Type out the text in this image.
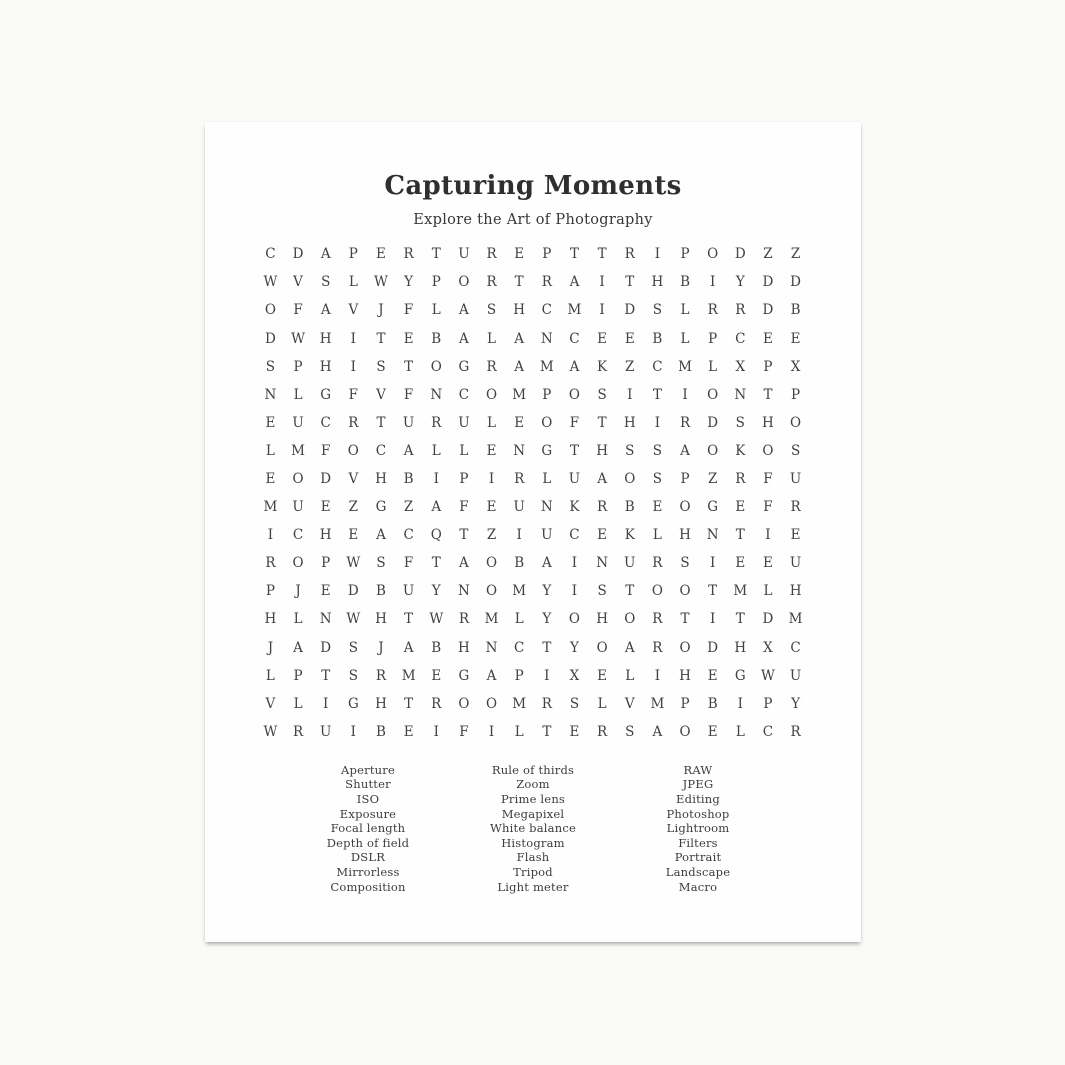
Capturing Moments
Explore the Art of Photography
C	D	A	P	E	R	T	U	R	E	P	T	T	R	I	P	O	D	Z	Z
W	V	S	L	W	Y	P	O	R	T	R	A	I	T	H	B	I	Y	D	D
O	F	A	V	J	F	L	A	S	H	C	M	I	D	S	L	R	R	D	B
D	W	H	I	T	E	B	A	L	A	N	C	E	E	B	L	P	C	E	E
S	P	H	I	S	T	O	G	R	A	M	A	K	Z	C	M	L	X	P	X
N	L	G	F	V	F	N	C	O	M	P	O	S	I	T	I	O	N	T	P
E	U	C	R	T	U	R	U	L	E	O	F	T	H	I	R	D	S	H	O
L	M	F	O	C	A	L	L	E	N	G	T	H	S	S	A	O	K	O	S
E	O	D	V	H	B	I	P	I	R	L	U	A	O	S	P	Z	R	F	U
M	U	E	Z	G	Z	A	F	E	U	N	K	R	B	E	O	G	E	F	R
I	C	H	E	A	C	Q	T	Z	I	U	C	E	K	L	H	N	T	I	E
R	O	P	W	S	F	T	A	O	B	A	I	N	U	R	S	I	E	E	U
P	J	E	D	B	U	Y	N	O	M	Y	I	S	T	O	O	T	M	L	H
H	L	N	W	H	T	W	R	M	L	Y	O	H	O	R	T	I	T	D	M
J	A	D	S	J	A	B	H	N	C	T	Y	O	A	R	O	D	H	X	C
L	P	T	S	R	M	E	G	A	P	I	X	E	L	I	H	E	G	W	U
V	L	I	G	H	T	R	O	O	M	R	S	L	V	M	P	B	I	P	Y
W	R	U	I	B	E	I	F	I	L	T	E	R	S	A	O	E	L	C	R
Aperture
Shutter
ISO
Exposure
Focal length
Depth of field
DSLR
Mirrorless
Composition
Rule of thirds
Zoom
Prime lens
Megapixel
White balance
Histogram
Flash
Tripod
Light meter
RAW
JPEG
Editing
Photoshop
Lightroom
Filters
Portrait
Landscape
Macro
